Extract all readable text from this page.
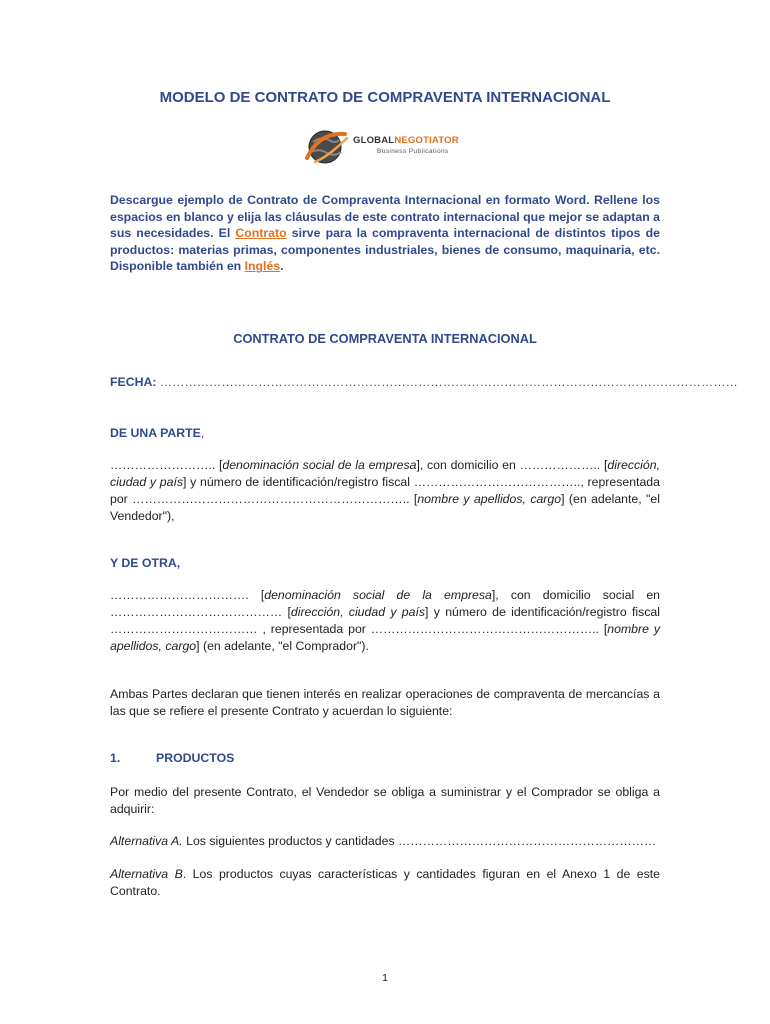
MODELO DE CONTRATO DE COMPRAVENTA INTERNACIONAL
GLOBALNEGOTIATOR
Business Publications
Descargue ejemplo de Contrato de Compraventa Internacional en formato Word. Rellene los espacios en blanco y elija las cláusulas de este contrato internacional que mejor se adaptan a sus necesidades. El Contrato sirve para la compraventa internacional de distintos tipos de productos: materias primas, componentes industriales, bienes de consumo, maquinaria, etc. Disponible también en Inglés.
CONTRATO DE COMPRAVENTA INTERNACIONAL
FECHA: ……………………………………………………………………………………………………………………………
DE UNA PARTE,
…………………….. [denominación social de la empresa], con domicilio en ……………….. [dirección, ciudad y país] y número de identificación/registro fiscal ………………………………….., representada por ………………………………………………………….. [nombre y apellidos, cargo] (en adelante, "el Vendedor"),
Y DE OTRA,
……………………………. [denominación social de la empresa], con domicilio social en …………………………………… [dirección, ciudad y país] y número de identificación/registro fiscal ……………………………… , representada por ……………………………………………….. [nombre y apellidos, cargo] (en adelante, "el Comprador").
Ambas Partes declaran que tienen interés en realizar operaciones de compraventa de mercancías a las que se refiere el presente Contrato y acuerdan lo siguiente:
1.	PRODUCTOS
Por medio del presente Contrato, el Vendedor se obliga a suministrar y el Comprador se obliga a adquirir:
Alternativa A. Los siguientes productos y cantidades ………………………………………………………
Alternativa B. Los productos cuyas características y cantidades figuran en el Anexo 1 de este Contrato.
1
